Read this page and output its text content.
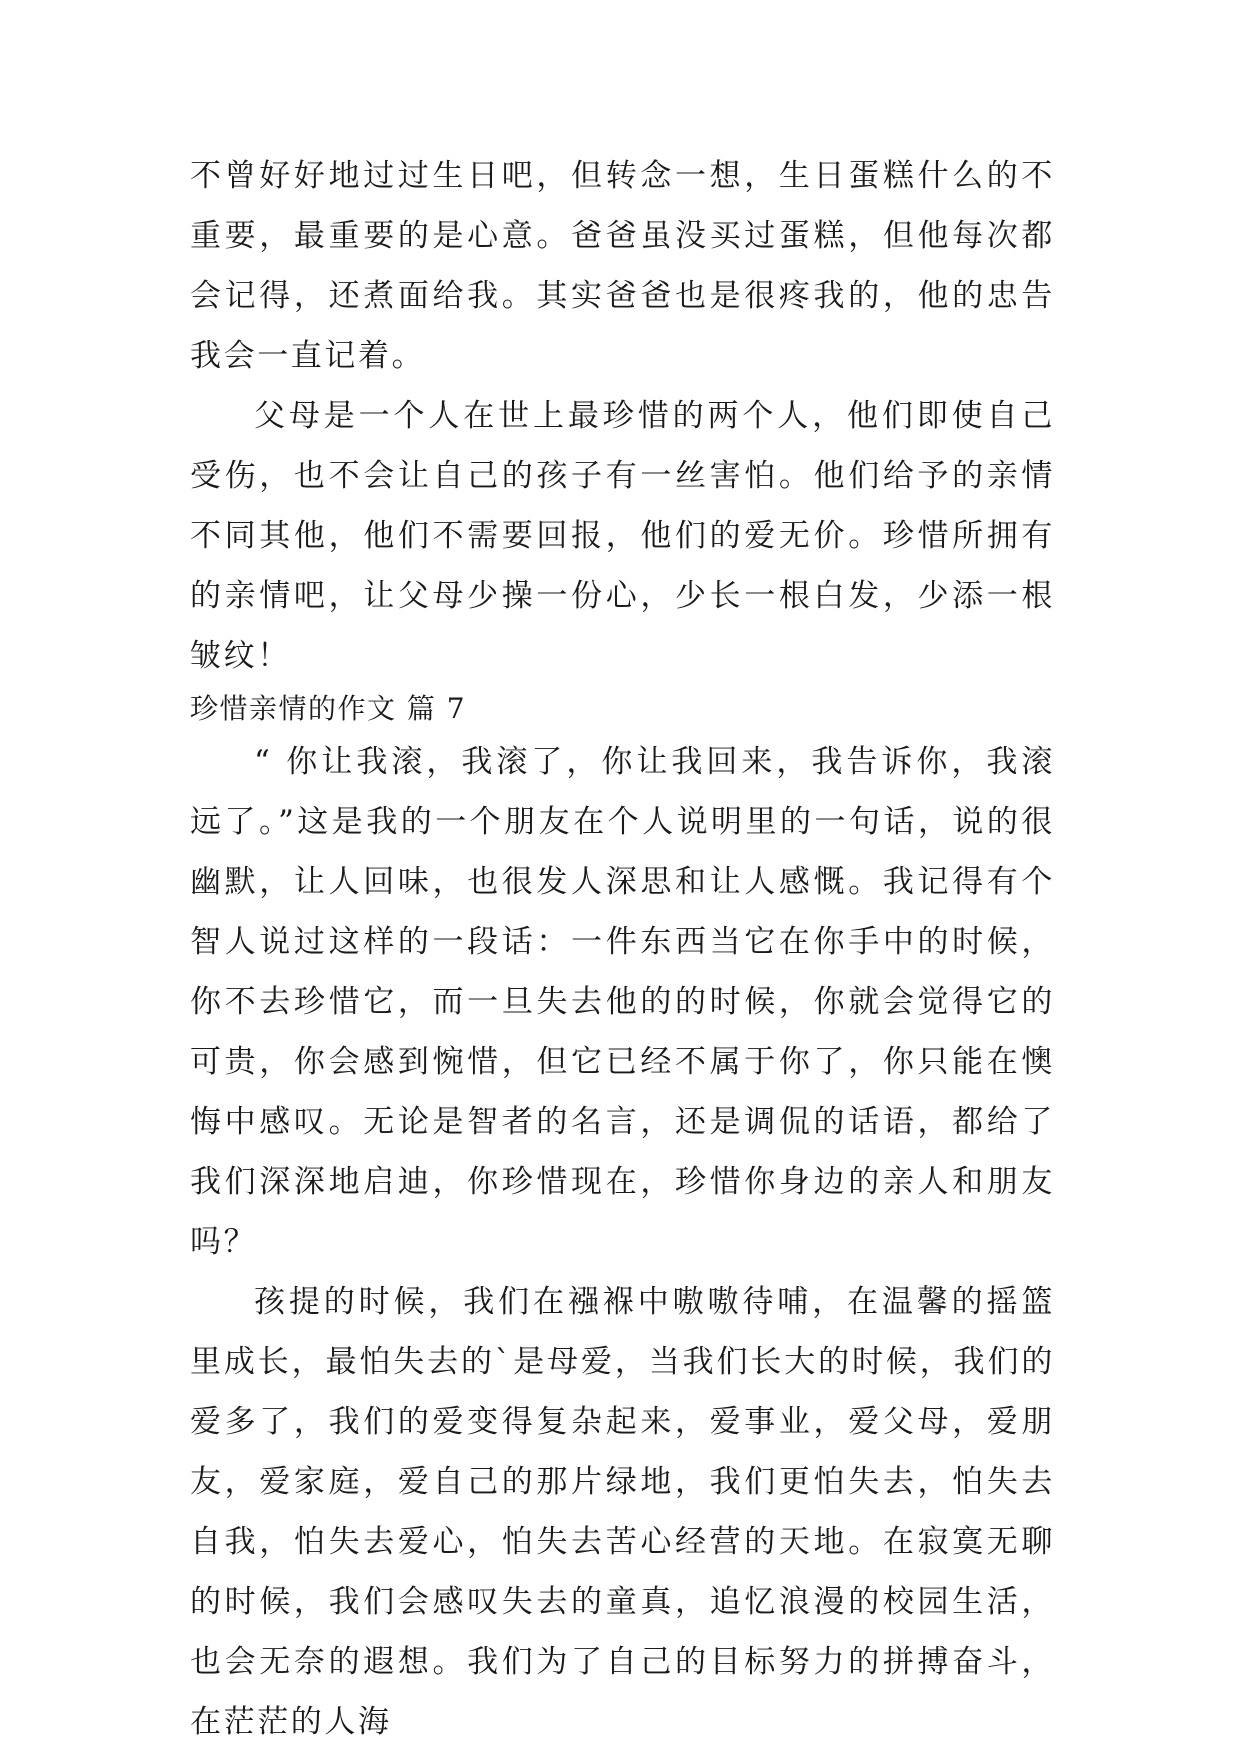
不曾好好地过过生日吧，但转念一想，生日蛋糕什么的不重要，最重要的是心意。爸爸虽没买过蛋糕，但他每次都会记得，还煮面给我。其实爸爸也是很疼我的，他的忠告我会一直记着。

父母是一个人在世上最珍惜的两个人，他们即使自己受伤，也不会让自己的孩子有一丝害怕。他们给予的亲情不同其他，他们不需要回报，他们的爱无价。珍惜所拥有的亲情吧，让父母少操一份心，少长一根白发，少添一根皱纹！

珍惜亲情的作文 篇 7

“ 你让我滚，我滚了，你让我回来，我告诉你，我滚远了。”这是我的一个朋友在个人说明里的一句话，说的很幽默，让人回味，也很发人深思和让人感慨。我记得有个智人说过这样的一段话：一件东西当它在你手中的时候，你不去珍惜它，而一旦失去他的的时候，你就会觉得它的可贵，你会感到惋惜，但它已经不属于你了，你只能在懊悔中感叹。无论是智者的名言，还是调侃的话语，都给了我们深深地启迪，你珍惜现在，珍惜你身边的亲人和朋友吗？

孩提的时候，我们在襁褓中嗷嗷待哺，在温馨的摇篮里成长，最怕失去的`是母爱，当我们长大的时候，我们的爱多了，我们的爱变得复杂起来，爱事业，爱父母，爱朋友，爱家庭，爱自己的那片绿地，我们更怕失去，怕失去自我，怕失去爱心，怕失去苦心经营的天地。在寂寞无聊的时候，我们会感叹失去的童真，追忆浪漫的校园生活，也会无奈的遐想。我们为了自己的目标努力的拼搏奋斗，在茫茫的人海
